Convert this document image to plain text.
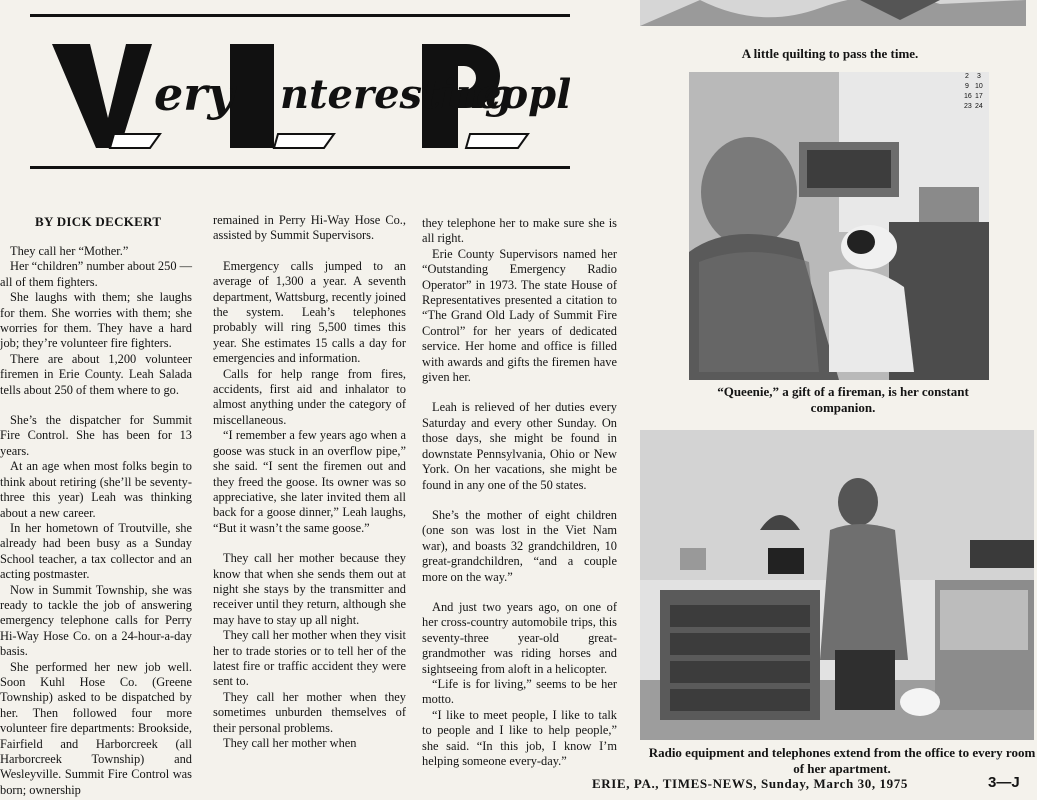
ery nteresting
eopl
BY DICK DECKERT

They call her “Mother.”

Her “children” number about 250 — all of them fighters.

She laughs with them; she laughs for them. She worries with them; she worries for them. They have a hard job; they’re volunteer fire fighters.

There are about 1,200 volunteer firemen in Erie County. Leah Salada tells about 250 of them where to go.

She’s the dispatcher for Summit Fire Control. She has been for 13 years.

At an age when most folks begin to think about retiring (she’ll be seventy-three this year) Leah was thinking about a new career.

In her hometown of Troutville, she already had been busy as a Sunday School teacher, a tax collector and an acting postmaster.

Now in Summit Township, she was ready to tackle the job of answering emergency telephone calls for Perry Hi-Way Hose Co. on a 24-hour-a-day basis.

She performed her new job well. Soon Kuhl Hose Co. (Greene Township) asked to be dispatched by her. Then followed four more volunteer fire departments: Brookside, Fairfield and Harborcreek (all Harborcreek Township) and Wesleyville. Summit Fire Control was born; ownership

remained in Perry Hi-Way Hose Co., assisted by Summit Supervisors.

Emergency calls jumped to an average of 1,300 a year. A seventh department, Wattsburg, recently joined the system. Leah’s telephones probably will ring 5,500 times this year. She estimates 15 calls a day for emergencies and information.

Calls for help range from fires, accidents, first aid and inhalator to almost anything under the category of miscellaneous.

“I remember a few years ago when a goose was stuck in an overflow pipe,” she said. “I sent the firemen out and they freed the goose. Its owner was so appreciative, she later invited them all back for a goose dinner,” Leah laughs, “But it wasn’t the same goose.”

They call her mother because they know that when she sends them out at night she stays by the transmitter and receiver until they return, although she may have to stay up all night.

They call her mother when they visit her to trade stories or to tell her of the latest fire or traffic accident they were sent to.

They call her mother when they sometimes unburden themselves of their personal problems.

They call her mother when

they telephone her to make sure she is all right.

Erie County Supervisors named her “Outstanding Emergency Radio Operator” in 1973. The state House of Representatives presented a citation to “The Grand Old Lady of Summit Fire Control” for her years of dedicated service. Her home and office is filled with awards and gifts the firemen have given her.

Leah is relieved of her duties every Saturday and every other Sunday. On those days, she might be found in downstate Pennsylvania, Ohio or New York. On her vacations, she might be found in any one of the 50 states.

She’s the mother of eight children (one son was lost in the Viet Nam war), and boasts 32 grandchildren, 10 great-grandchildren, “and a couple more on the way.”

And just two years ago, on one of her cross-country automobile trips, this seventy-three year-old great-grandmother was riding horses and sightseeing from aloft in a helicopter.

“Life is for living,” seems to be her motto.

“I like to meet people, I like to talk to people and I like to help people,” she said. “In this job, I know I’m helping someone every-day.”

A little quilting to pass the time.
2 3
9 10
16 17
23 24
“Queenie,” a gift of a fireman, is her constant companion.
Radio equipment and telephones extend from the office to every room of her apartment.
ERIE, PA., TIMES-NEWS, Sunday, March 30, 1975	3—J
